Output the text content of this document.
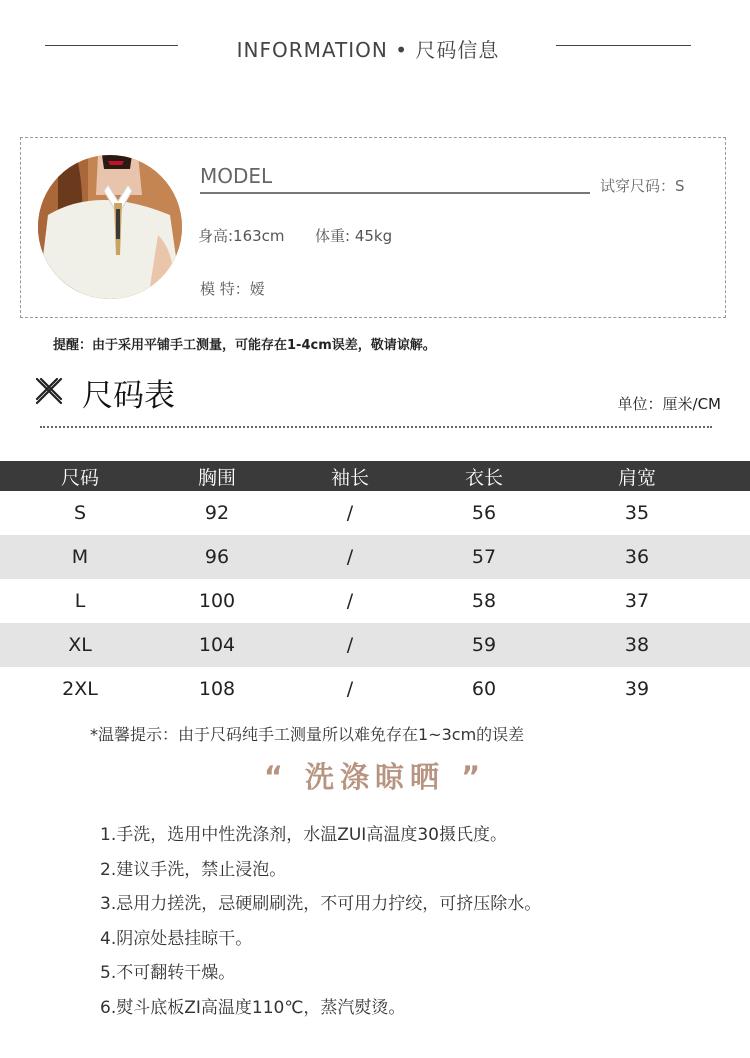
INFORMATION • 尺码信息
MODEL	试穿尺码：S
身高:163cm 体重: 45kg
模 特：嫒
提醒：由于采用平铺手工测量，可能存在1-4cm误差，敬请谅解。
尺码表	单位：厘米/CM
尺码	胸围	袖长	衣长	肩宽
S	92	/	56	35
M	96	/	57	36
L	100	/	58	37
XL	104	/	59	38
2XL	108	/	60	39
*温馨提示：由于尺码纯手工测量所以难免存在1~3cm的误差
“ 洗涤晾晒 ”
1.手洗，选用中性洗涤剂，水温ZUI高温度30摄氏度。
2.建议手洗，禁止浸泡。
3.忌用力搓洗，忌硬刷刷洗，不可用力拧绞，可挤压除水。
4.阴凉处悬挂晾干。
5.不可翻转干燥。
6.熨斗底板ZI高温度110℃，蒸汽熨烫。
